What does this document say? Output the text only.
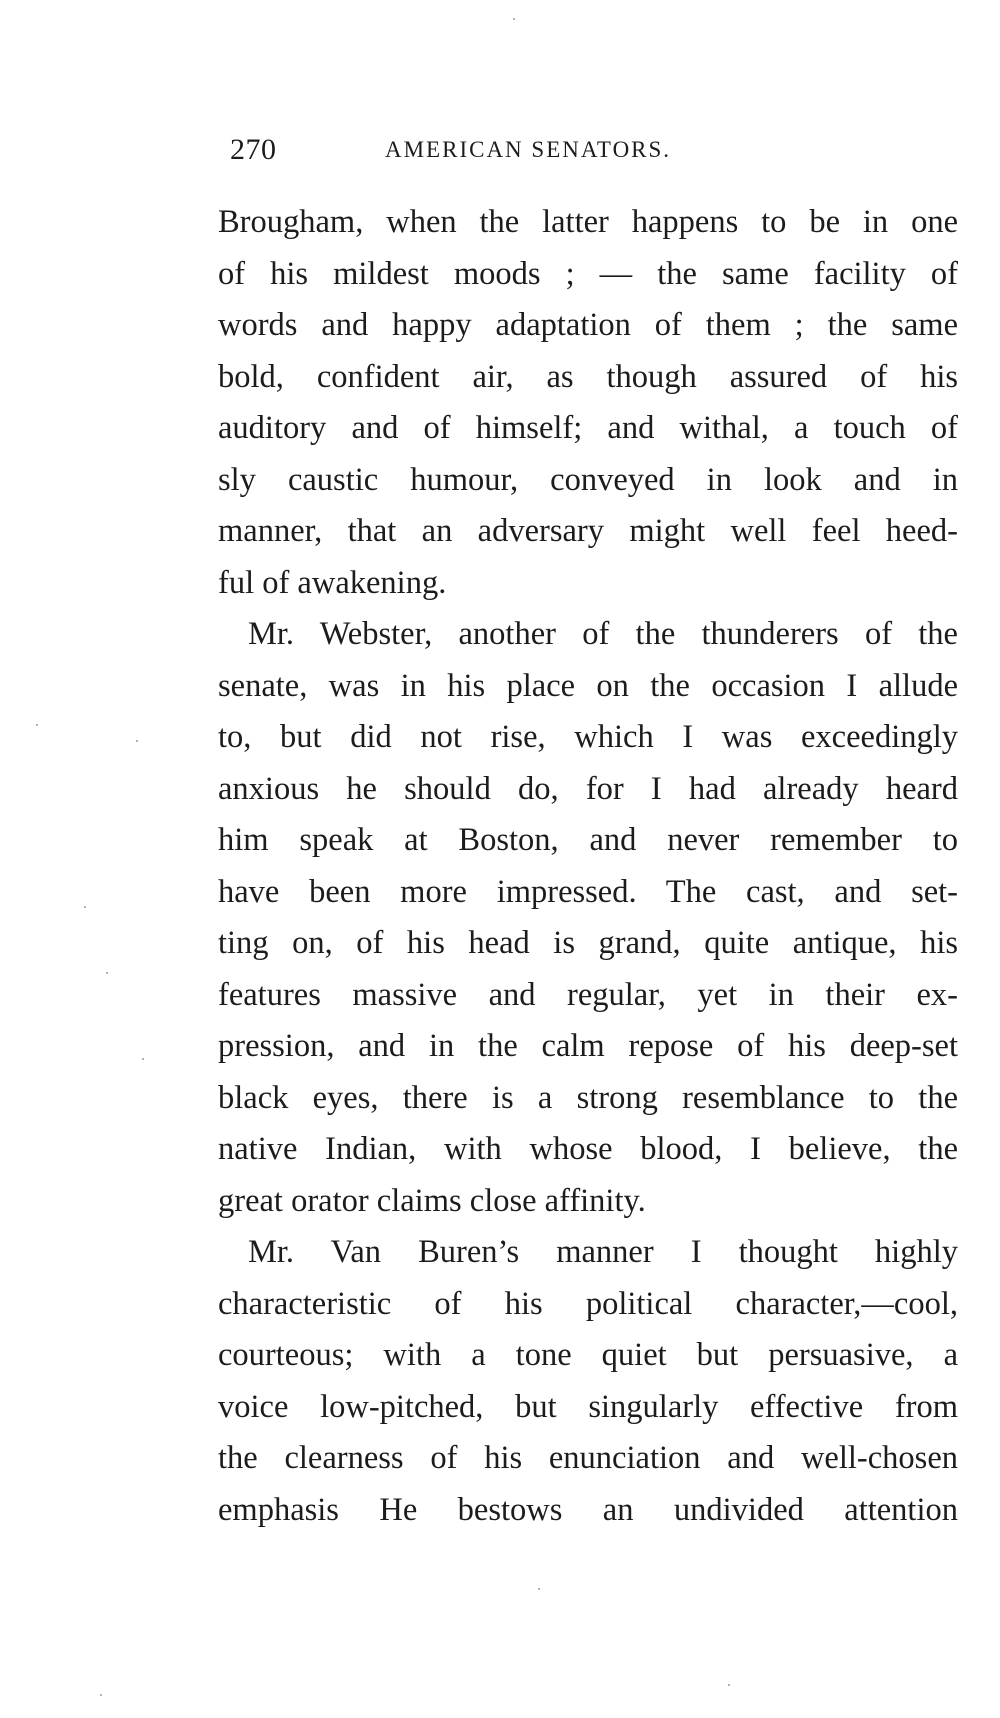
270	AMERICAN SENATORS.
Brougham, when the latter happens to be in one
of his mildest moods ; — the same facility of
words and happy adaptation of them ; the same
bold, confident air, as though assured of his
auditory and of himself; and withal, a touch of
sly caustic humour, conveyed in look and in
manner, that an adversary might well feel heed-
ful of awakening.
Mr. Webster, another of the thunderers of the
senate, was in his place on the occasion I allude
to, but did not rise, which I was exceedingly
anxious he should do, for I had already heard
him speak at Boston, and never remember to
have been more impressed. The cast, and set-
ting on, of his head is grand, quite antique, his
features massive and regular, yet in their ex-
pression, and in the calm repose of his deep-set
black eyes, there is a strong resemblance to the
native Indian, with whose blood, I believe, the
great orator claims close affinity.
Mr. Van Buren’s manner I thought highly
characteristic of his political character,—cool,
courteous; with a tone quiet but persuasive, a
voice low-pitched, but singularly effective from
the clearness of his enunciation and well-chosen
emphasis He bestows an undivided attention
